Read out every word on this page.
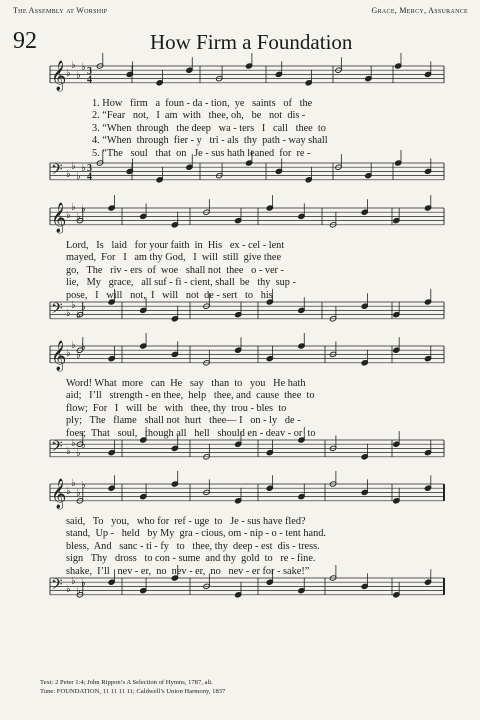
The Assembly at Worship	Grace, Mercy, Assurance
92	How Firm a Foundation
𝄞 ♭
♭
♭
♭ 3
4
𝄢 ♭
♭
♭
♭ 3
4
𝄞 ♭
♭
♭
♭
𝄢 ♭
♭
♭
♭
𝄞 ♭
♭
♭
♭
𝄢 ♭
♭
♭
♭
𝄞 ♭
♭
♭
♭
𝄢 ♭
♭
♭
♭
1. How   firm   a  foun - da - tion,  ye   saints   of   the
2. “Fear   not,   I  am  with   thee, oh,   be   not  dis -
3. “When  through   the deep   wa - ters   I   call   thee  to
4. “When  through  fier - y   tri - als  thy  path - way shall
5. “The   soul   that  on   Je - sus hath leaned  for  re -
Lord,   Is   laid   for your faith  in  His   ex - cel - lent
mayed,  For   I   am thy God,   I  will  still  give thee
go,   The   riv - ers  of  woe   shall not  thee   o - ver -
lie,   My   grace,   all suf - fi - cient, shall  be   thy  sup -
pose,   I   will   not,  I   will   not  de - sert   to   his
Word! What  more   can  He   say   than  to   you   He hath
aid;   I’ll   strength - en thee,  help   thee, and  cause  thee  to
flow;  For   I   will  be   with   thee, thy  trou - bles  to
ply;   The   flame   shall not  hurt   thee— I   on - ly   de -
foes;  That   soul,   though all   hell   should en - deav - or  to
said,   To   you,   who for  ref - uge  to   Je - sus have fled?
stand,  Up -   held   by My  gra - cious, om - nip - o - tent hand.
bless,  And   sanc - ti - fy   to   thee, thy  deep - est  dis - tress.
sign   Thy   dross   to con - sume  and thy  gold  to   re - fine.
shake,  I’ll   nev - er,  no  nev - er,  no   nev - er for - sake!”
Text: 2 Peter 1:4; John Rippon’s A Selection of Hymns, 1787, alt.
Tune: FOUNDATION, 11 11 11 11; Caldwell’s Union Harmony, 1837
